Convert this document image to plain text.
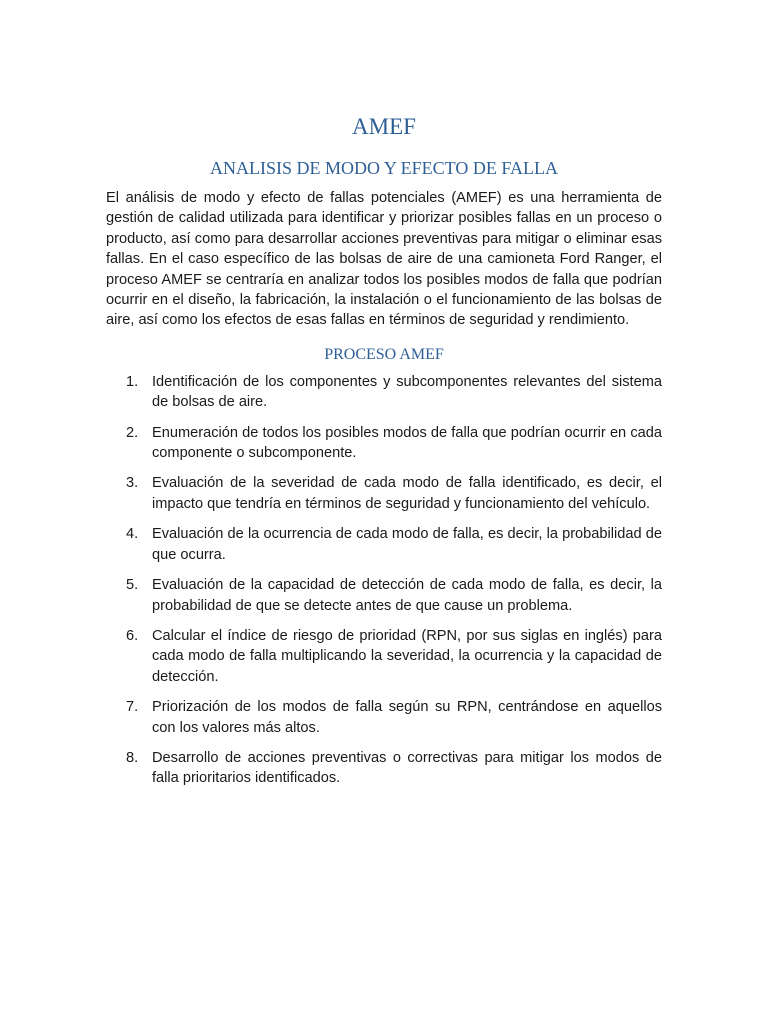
AMEF
ANALISIS DE MODO Y EFECTO DE FALLA

El análisis de modo y efecto de fallas potenciales (AMEF) es una herramienta de gestión de calidad utilizada para identificar y priorizar posibles fallas en un proceso o producto, así como para desarrollar acciones preventivas para mitigar o eliminar esas fallas. En el caso específico de las bolsas de aire de una camioneta Ford Ranger, el proceso AMEF se centraría en analizar todos los posibles modos de falla que podrían ocurrir en el diseño, la fabricación, la instalación o el funcionamiento de las bolsas de aire, así como los efectos de esas fallas en términos de seguridad y rendimiento.

PROCESO AMEF
1. Identificación de los componentes y subcomponentes relevantes del sistema de bolsas de aire.
2. Enumeración de todos los posibles modos de falla que podrían ocurrir en cada componente o subcomponente.
3. Evaluación de la severidad de cada modo de falla identificado, es decir, el impacto que tendría en términos de seguridad y funcionamiento del vehículo.
4. Evaluación de la ocurrencia de cada modo de falla, es decir, la probabilidad de que ocurra.
5. Evaluación de la capacidad de detección de cada modo de falla, es decir, la probabilidad de que se detecte antes de que cause un problema.
6. Calcular el índice de riesgo de prioridad (RPN, por sus siglas en inglés) para cada modo de falla multiplicando la severidad, la ocurrencia y la capacidad de detección.
7. Priorización de los modos de falla según su RPN, centrándose en aquellos con los valores más altos.
8. Desarrollo de acciones preventivas o correctivas para mitigar los modos de falla prioritarios identificados.
